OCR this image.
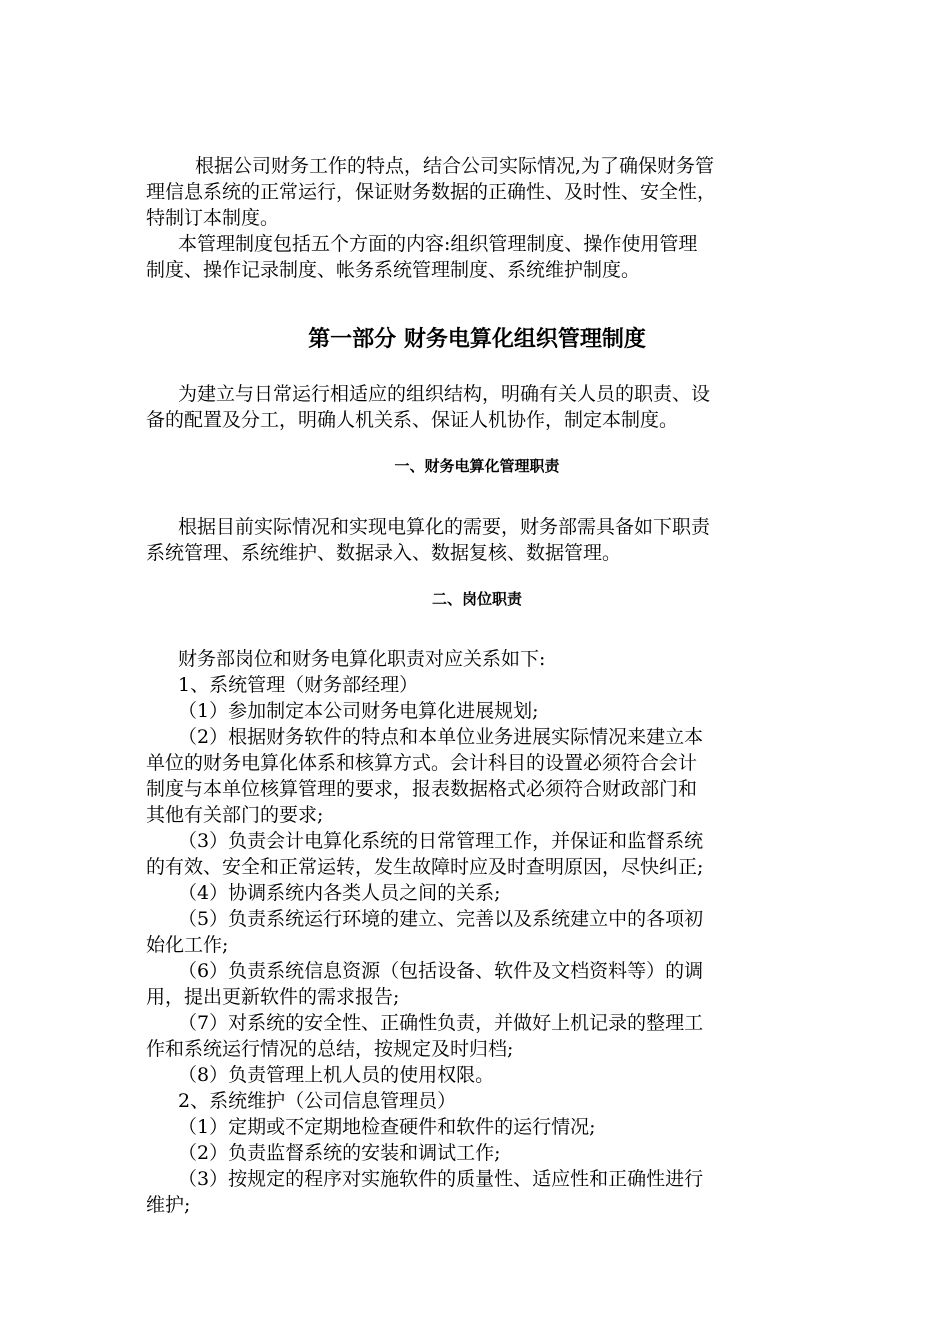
　根据公司财务工作的特点，结合公司实际情况,为了确保财务管
理信息系统的正常运行，保证财务数据的正确性、及时性、安全性，
特制订本制度。
本管理制度包括五个方面的内容:组织管理制度、操作使用管理
制度、操作记录制度、帐务系统管理制度、系统维护制度。
第一部分 财务电算化组织管理制度
为建立与日常运行相适应的组织结构，明确有关人员的职责、设
备的配置及分工，明确人机关系、保证人机协作，制定本制度。
一、财务电算化管理职责
根据目前实际情况和实现电算化的需要，财务部需具备如下职责
系统管理、系统维护、数据录入、数据复核、数据管理。
二、岗位职责
财务部岗位和财务电算化职责对应关系如下:
1、系统管理（财务部经理）
（1）参加制定本公司财务电算化进展规划;
（2）根据财务软件的特点和本单位业务进展实际情况来建立本
单位的财务电算化体系和核算方式。会计科目的设置必须符合会计
制度与本单位核算管理的要求，报表数据格式必须符合财政部门和
其他有关部门的要求;
（3）负责会计电算化系统的日常管理工作，并保证和监督系统
的有效、安全和正常运转，发生故障时应及时查明原因，尽快纠正;
（4）协调系统内各类人员之间的关系;
（5）负责系统运行环境的建立、完善以及系统建立中的各项初
始化工作;
（6）负责系统信息资源（包括设备、软件及文档资料等）的调
用，提出更新软件的需求报告;
（7）对系统的安全性、正确性负责，并做好上机记录的整理工
作和系统运行情况的总结，按规定及时归档;
（8）负责管理上机人员的使用权限。
2、系统维护（公司信息管理员）
（1）定期或不定期地检查硬件和软件的运行情况;
（2）负责监督系统的安装和调试工作;
（3）按规定的程序对实施软件的质量性、适应性和正确性进行
维护;
